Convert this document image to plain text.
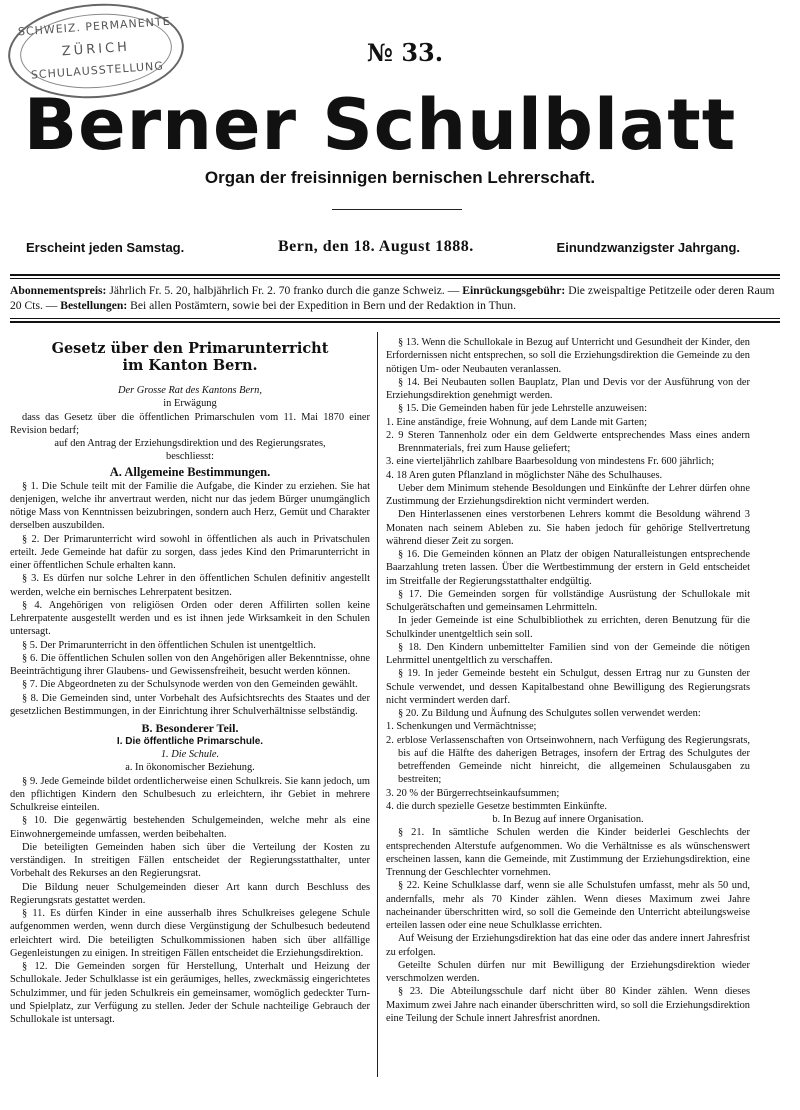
SCHWEIZ. PERMANENTE
ZÜRICH
SCHULAUSSTELLUNG
№ 33.
Berner Schulblatt
Organ der freisinnigen bernischen Lehrerschaft.
Erscheint jeden Samstag.	Bern, den 18. August 1888.	Einundzwanzigster Jahrgang.
Abonnementspreis: Jährlich Fr. 5. 20, halbjährlich Fr. 2. 70 franko durch die ganze Schweiz. — Einrückungsgebühr: Die zweispaltige Petitzeile oder deren Raum 20 Cts. — Bestellungen: Bei allen Postämtern, sowie bei der Expedition in Bern und der Redaktion in Thun.
Gesetz über den Primarunterricht
im Kanton Bern.

Der Grosse Rat des Kantons Bern,

in Erwägung

dass das Gesetz über die öffentlichen Primarschulen vom 11. Mai 1870 einer Revision bedarf;

auf den Antrag der Erziehungsdirektion und des Regierungsrates,

beschliesst:

A. Allgemeine Bestimmungen.

§ 1. Die Schule teilt mit der Familie die Aufgabe, die Kinder zu erziehen. Sie hat denjenigen, welche ihr anvertraut werden, nicht nur das jedem Bürger unumgänglich nötige Mass von Kenntnissen beizubringen, sondern auch Herz, Gemüt und Charakter derselben auszubilden.

§ 2. Der Primarunterricht wird sowohl in öffentlichen als auch in Privatschulen erteilt. Jede Gemeinde hat dafür zu sorgen, dass jedes Kind den Primarunterricht in einer öffentlichen Schule erhalten kann.

§ 3. Es dürfen nur solche Lehrer in den öffentlichen Schulen definitiv angestellt werden, welche ein bernisches Lehrerpatent besitzen.

§ 4. Angehörigen von religiösen Orden oder deren Affilirten sollen keine Lehrerpatente ausgestellt werden und es ist ihnen jede Wirksamkeit in den Schulen untersagt.

§ 5. Der Primarunterricht in den öffentlichen Schulen ist unentgeltlich.

§ 6. Die öffentlichen Schulen sollen von den Angehörigen aller Bekenntnisse, ohne Beeinträchtigung ihrer Glaubens- und Gewissensfreiheit, besucht werden können.

§ 7. Die Abgeordneten zu der Schulsynode werden von den Gemeinden gewählt.

§ 8. Die Gemeinden sind, unter Vorbehalt des Aufsichtsrechts des Staates und der gesetzlichen Bestimmungen, in der Einrichtung ihrer Schulverhältnisse selbständig.

B. Besonderer Teil.
I. Die öffentliche Primarschule.

1. Die Schule.

a. In ökonomischer Beziehung.

§ 9. Jede Gemeinde bildet ordentlicherweise einen Schulkreis. Sie kann jedoch, um den pflichtigen Kindern den Schulbesuch zu erleichtern, ihr Gebiet in mehrere Schulkreise einteilen.

§ 10. Die gegenwärtig bestehenden Schulgemeinden, welche mehr als eine Einwohnergemeinde umfassen, werden beibehalten.

Die beteiligten Gemeinden haben sich über die Verteilung der Kosten zu verständigen. In streitigen Fällen entscheidet der Regierungsstatthalter, unter Vorbehalt des Rekurses an den Regierungsrat.

Die Bildung neuer Schulgemeinden dieser Art kann durch Beschluss des Regierungsrats gestattet werden.

§ 11. Es dürfen Kinder in eine ausserhalb ihres Schulkreises gelegene Schule aufgenommen werden, wenn durch diese Vergünstigung der Schulbesuch bedeutend erleichtert wird. Die beteiligten Schulkommissionen haben sich über allfällige Gegenleistungen zu einigen. In streitigen Fällen entscheidet die Erziehungsdirektion.

§ 12. Die Gemeinden sorgen für Herstellung, Unterhalt und Heizung der Schullokale. Jeder Schulklasse ist ein geräumiges, helles, zweckmässig eingerichtetes Schulzimmer, und für jeden Schulkreis ein gemeinsamer, womöglich gedeckter Turn- und Spielplatz, zur Verfügung zu stellen. Jeder der Schule nachteilige Gebrauch der Schullokale ist untersagt.

§ 13. Wenn die Schullokale in Bezug auf Unterricht und Gesundheit der Kinder, den Erfordernissen nicht entsprechen, so soll die Erziehungsdirektion die Gemeinde zu den nötigen Um- oder Neubauten veranlassen.

§ 14. Bei Neubauten sollen Bauplatz, Plan und Devis vor der Ausführung von der Erziehungsdirektion genehmigt werden.

§ 15. Die Gemeinden haben für jede Lehrstelle anzuweisen:

1. Eine anständige, freie Wohnung, auf dem Lande mit Garten;
2. 9 Steren Tannenholz oder ein dem Geldwerte entsprechendes Mass eines andern Brennmaterials, frei zum Hause geliefert;
3. eine vierteljährlich zahlbare Baarbesoldung von mindestens Fr. 600 jährlich;
4. 18 Aren guten Pflanzland in möglichster Nähe des Schulhauses.

Ueber dem Minimum stehende Besoldungen und Einkünfte der Lehrer dürfen ohne Zustimmung der Erziehungsdirektion nicht vermindert werden.

Den Hinterlassenen eines verstorbenen Lehrers kommt die Besoldung während 3 Monaten nach seinem Ableben zu. Sie haben jedoch für gehörige Stellvertretung während dieser Zeit zu sorgen.

§ 16. Die Gemeinden können an Platz der obigen Naturalleistungen entsprechende Baarzahlung treten lassen. Über die Wertbestimmung der erstern in Geld entscheidet im Streitfalle der Regierungsstatthalter endgültig.

§ 17. Die Gemeinden sorgen für vollständige Ausrüstung der Schullokale mit Schulgerätschaften und gemeinsamen Lehrmitteln.

In jeder Gemeinde ist eine Schulbibliothek zu errichten, deren Benutzung für die Schulkinder unentgeltlich sein soll.

§ 18. Den Kindern unbemittelter Familien sind von der Gemeinde die nötigen Lehrmittel unentgeltlich zu verschaffen.

§ 19. In jeder Gemeinde besteht ein Schulgut, dessen Ertrag nur zu Gunsten der Schule verwendet, und dessen Kapitalbestand ohne Bewilligung des Regierungsrats nicht vermindert werden darf.

§ 20. Zu Bildung und Äufnung des Schulgutes sollen verwendet werden:

1. Schenkungen und Vermächtnisse;
2. erblose Verlassenschaften von Ortseinwohnern, nach Verfügung des Regierungsrats, bis auf die Hälfte des daherigen Betrages, insofern der Ertrag des Schulgutes der betreffenden Gemeinde nicht hinreicht, die allgemeinen Schulausgaben zu bestreiten;
3. 20 % der Bürgerrechtseinkaufsummen;
4. die durch spezielle Gesetze bestimmten Einkünfte.

b. In Bezug auf innere Organisation.

§ 21. In sämtliche Schulen werden die Kinder beiderlei Geschlechts der entsprechenden Alterstufe aufgenommen. Wo die Verhältnisse es als wünschenswert erscheinen lassen, kann die Gemeinde, mit Zustimmung der Erziehungsdirektion, eine Trennung der Geschlechter vornehmen.

§ 22. Keine Schulklasse darf, wenn sie alle Schulstufen umfasst, mehr als 50 und, andernfalls, mehr als 70 Kinder zählen. Wenn dieses Maximum zwei Jahre nacheinander überschritten wird, so soll die Gemeinde den Unterricht abteilungsweise erteilen lassen oder eine neue Schulklasse errichten.

Auf Weisung der Erziehungsdirektion hat das eine oder das andere innert Jahresfrist zu erfolgen.

Geteilte Schulen dürfen nur mit Bewilligung der Erziehungsdirektion wieder verschmolzen werden.

§ 23. Die Abteilungsschule darf nicht über 80 Kinder zählen. Wenn dieses Maximum zwei Jahre nach einander überschritten wird, so soll die Erziehungsdirektion eine Teilung der Schule innert Jahresfrist anordnen.
